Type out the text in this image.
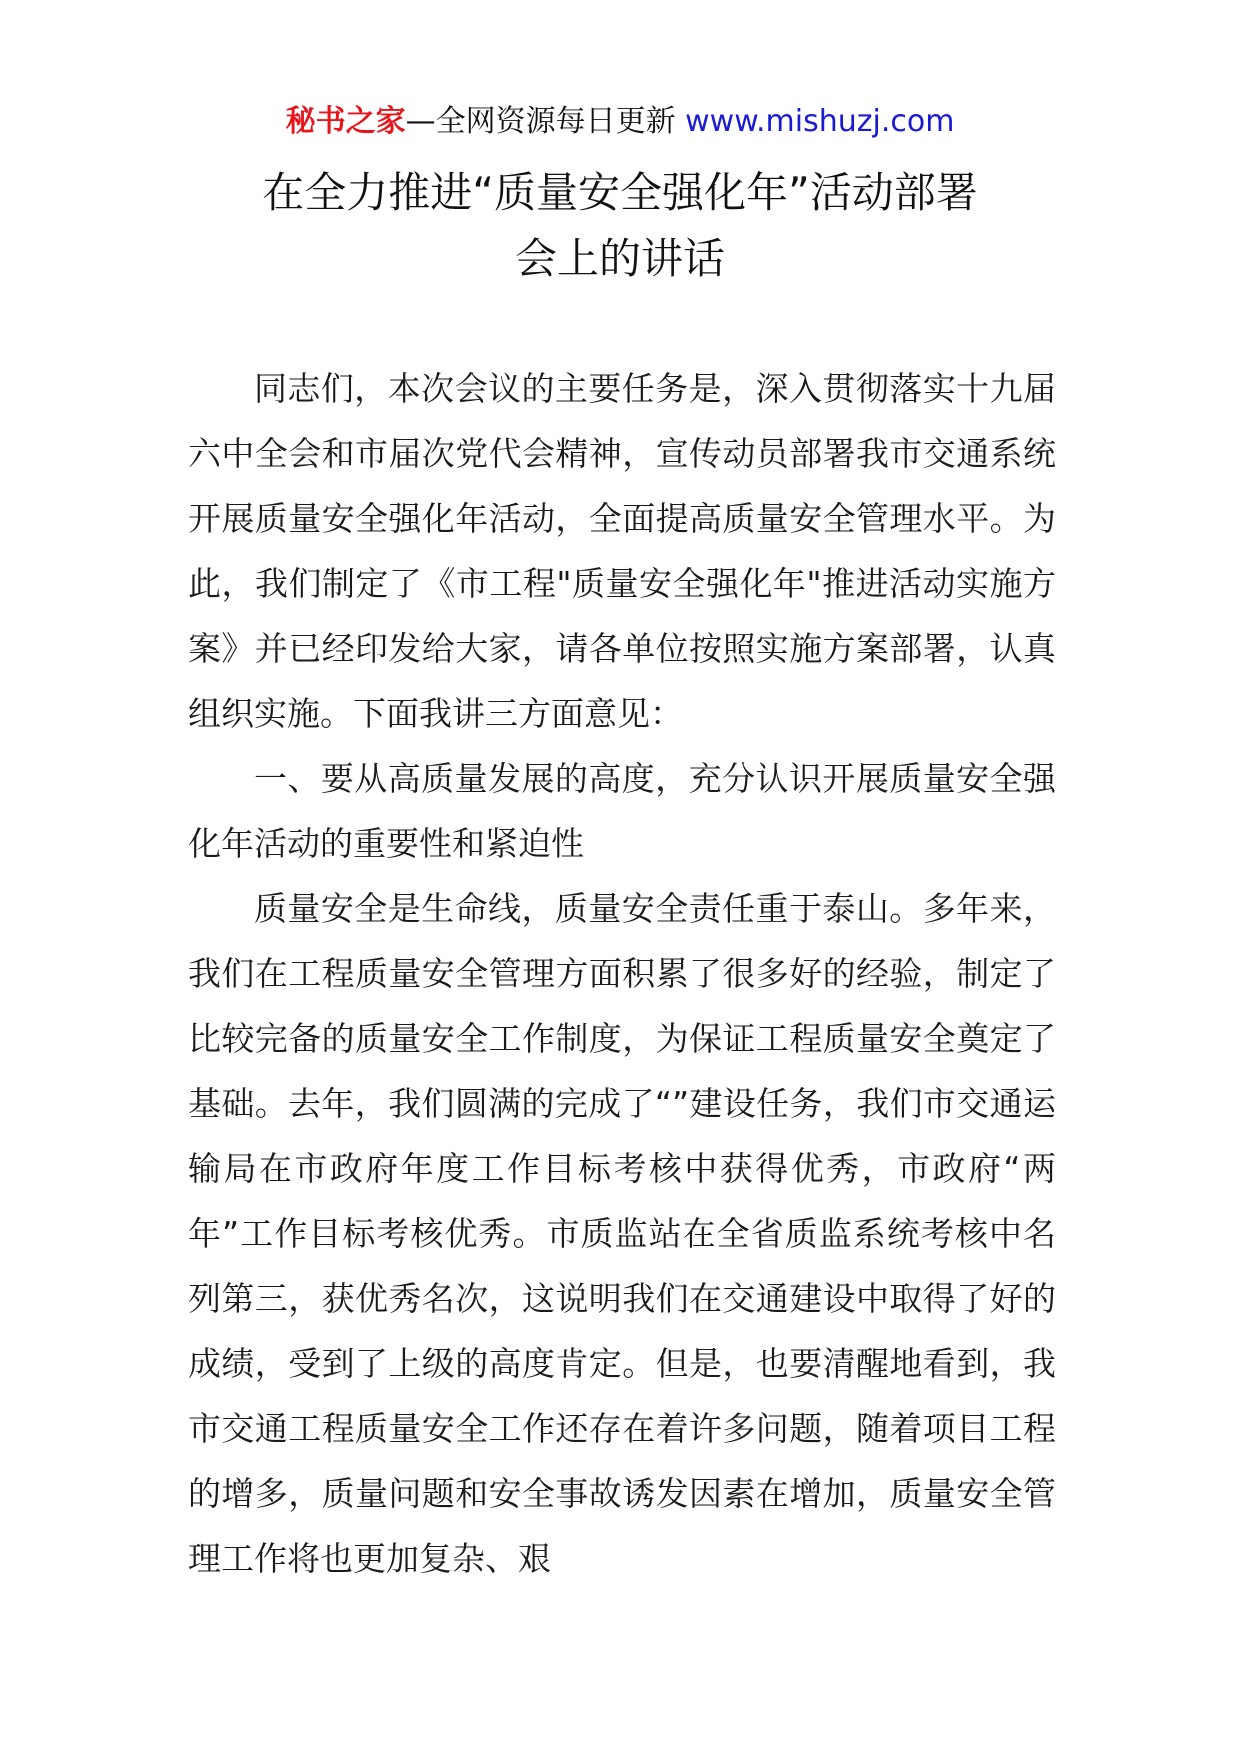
秘书之家—全网资源每日更新 www.mishuzj.com
在全力推进“质量安全强化年”活动部署
会上的讲话

同志们，本次会议的主要任务是，深入贯彻落实十九届六中全会和市届次党代会精神，宣传动员部署我市交通系统开展质量安全强化年活动，全面提高质量安全管理水平。为此，我们制定了《市工程"质量安全强化年"推进活动实施方案》并已经印发给大家，请各单位按照实施方案部署，认真组织实施。下面我讲三方面意见：

一、要从高质量发展的高度，充分认识开展质量安全强化年活动的重要性和紧迫性

质量安全是生命线，质量安全责任重于泰山。多年来，我们在工程质量安全管理方面积累了很多好的经验，制定了比较完备的质量安全工作制度，为保证工程质量安全奠定了基础。去年，我们圆满的完成了“”建设任务，我们市交通运输局在市政府年度工作目标考核中获得优秀，市政府“两年”工作目标考核优秀。市质监站在全省质监系统考核中名列第三，获优秀名次，这说明我们在交通建设中取得了好的成绩，受到了上级的高度肯定。但是，也要清醒地看到，我市交通工程质量安全工作还存在着许多问题，随着项目工程的增多，质量问题和安全事故诱发因素在增加，质量安全管理工作将也更加复杂、艰
